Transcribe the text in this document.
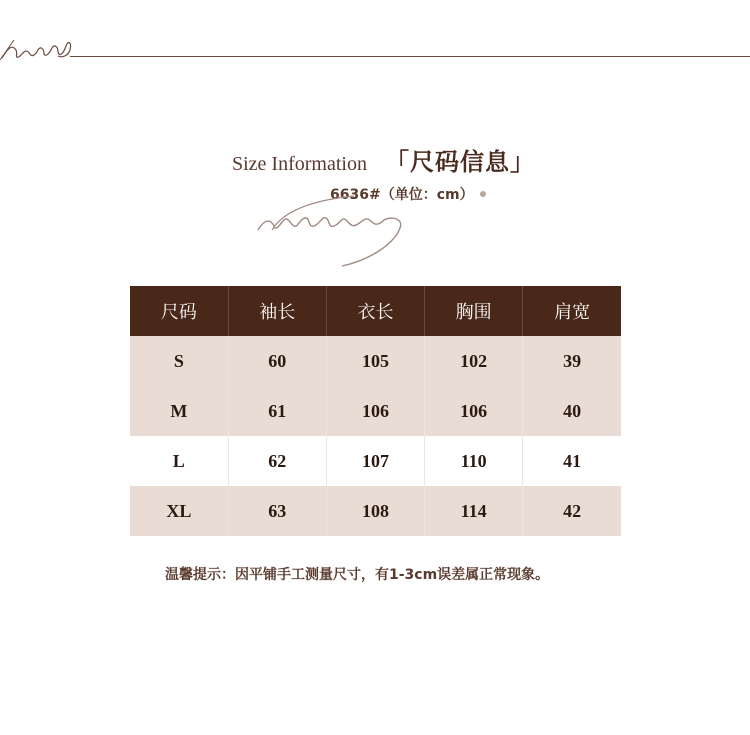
Size Information 「尺码信息」
6636#（单位：cm）
尺码	袖长	衣长	胸围	肩宽
S	60	105	102	39
M	61	106	106	40
L	62	107	110	41
XL	63	108	114	42
温馨提示：因平铺手工测量尺寸，有1-3cm误差属正常现象。
